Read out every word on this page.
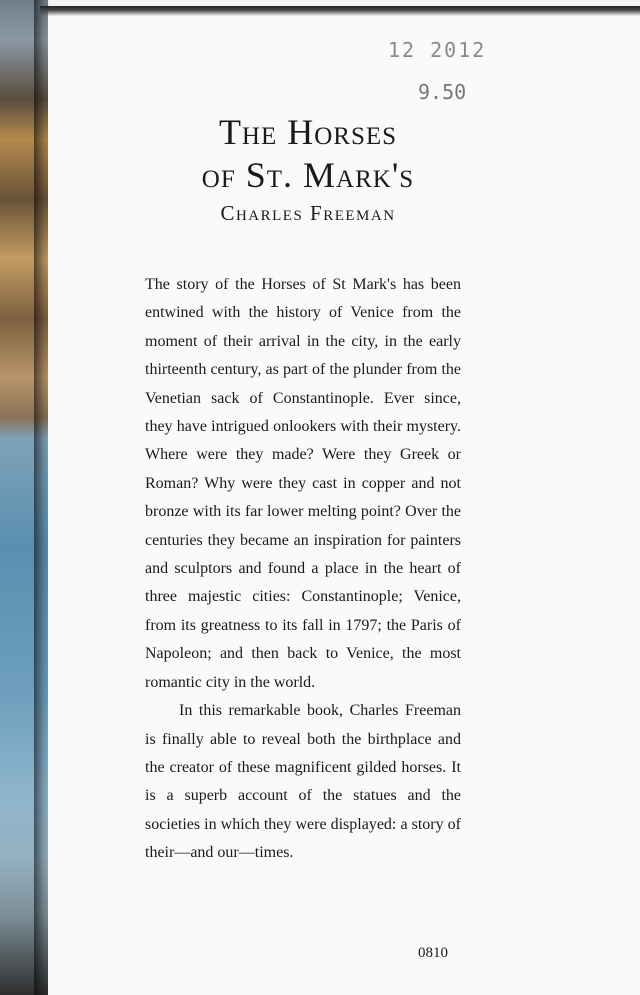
12 2012
9.50
The Horses
of St. Mark's
Charles Freeman

The story of the Horses of St Mark's has been entwined with the history of Venice from the moment of their arrival in the city, in the early thirteenth century, as part of the plunder from the Venetian sack of Constantinople. Ever since, they have intrigued onlookers with their mystery. Where were they made? Were they Greek or Roman? Why were they cast in copper and not bronze with its far lower melting point? Over the centuries they became an inspiration for painters and sculptors and found a place in the heart of three majestic cities: Constantinople; Venice, from its greatness to its fall in 1797; the Paris of Napoleon; and then back to Venice, the most romantic city in the world.

In this remarkable book, Charles Freeman is finally able to reveal both the birthplace and the creator of these magnificent gilded horses. It is a superb account of the statues and the societies in which they were displayed: a story of their—and our—times.

0810
